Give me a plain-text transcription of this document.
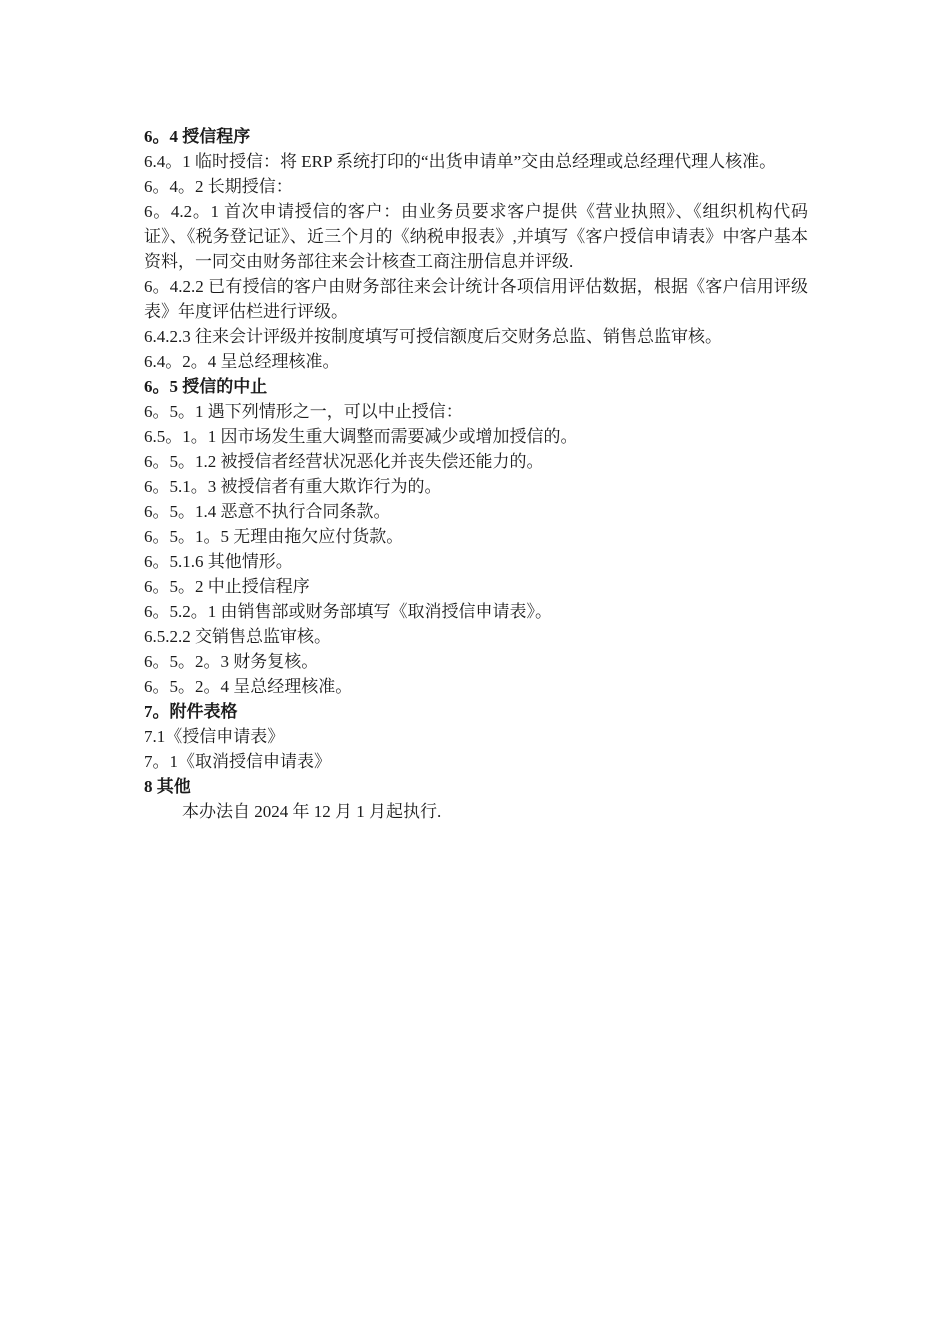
6。4 授信程序

6.4。1 临时授信：将 ERP 系统打印的“出货申请单”交由总经理或总经理代理人核准。

6。4。2 长期授信：

6。4.2。1 首次申请授信的客户：由业务员要求客户提供《营业执照》、《组织机构代码证》、《税务登记证》、近三个月的《纳税申报表》,并填写《客户授信申请表》中客户基本资料，一同交由财务部往来会计核查工商注册信息并评级.

6。4.2.2 已有授信的客户由财务部往来会计统计各项信用评估数据，根据《客户信用评级表》年度评估栏进行评级。

6.4.2.3 往来会计评级并按制度填写可授信额度后交财务总监、销售总监审核。

6.4。2。4 呈总经理核准。

6。5 授信的中止

6。5。1 遇下列情形之一，可以中止授信：

6.5。1。1 因市场发生重大调整而需要减少或增加授信的。

6。5。1.2 被授信者经营状况恶化并丧失偿还能力的。

6。5.1。3 被授信者有重大欺诈行为的。

6。5。1.4 恶意不执行合同条款。

6。5。1。5 无理由拖欠应付货款。

6。5.1.6 其他情形。

6。5。2 中止授信程序

6。5.2。1 由销售部或财务部填写《取消授信申请表》。

6.5.2.2 交销售总监审核。

6。5。2。3 财务复核。

6。5。2。4 呈总经理核准。

7。附件表格

7.1《授信申请表》

7。1《取消授信申请表》

8 其他

本办法自 2024 年 12 月 1 月起执行.
